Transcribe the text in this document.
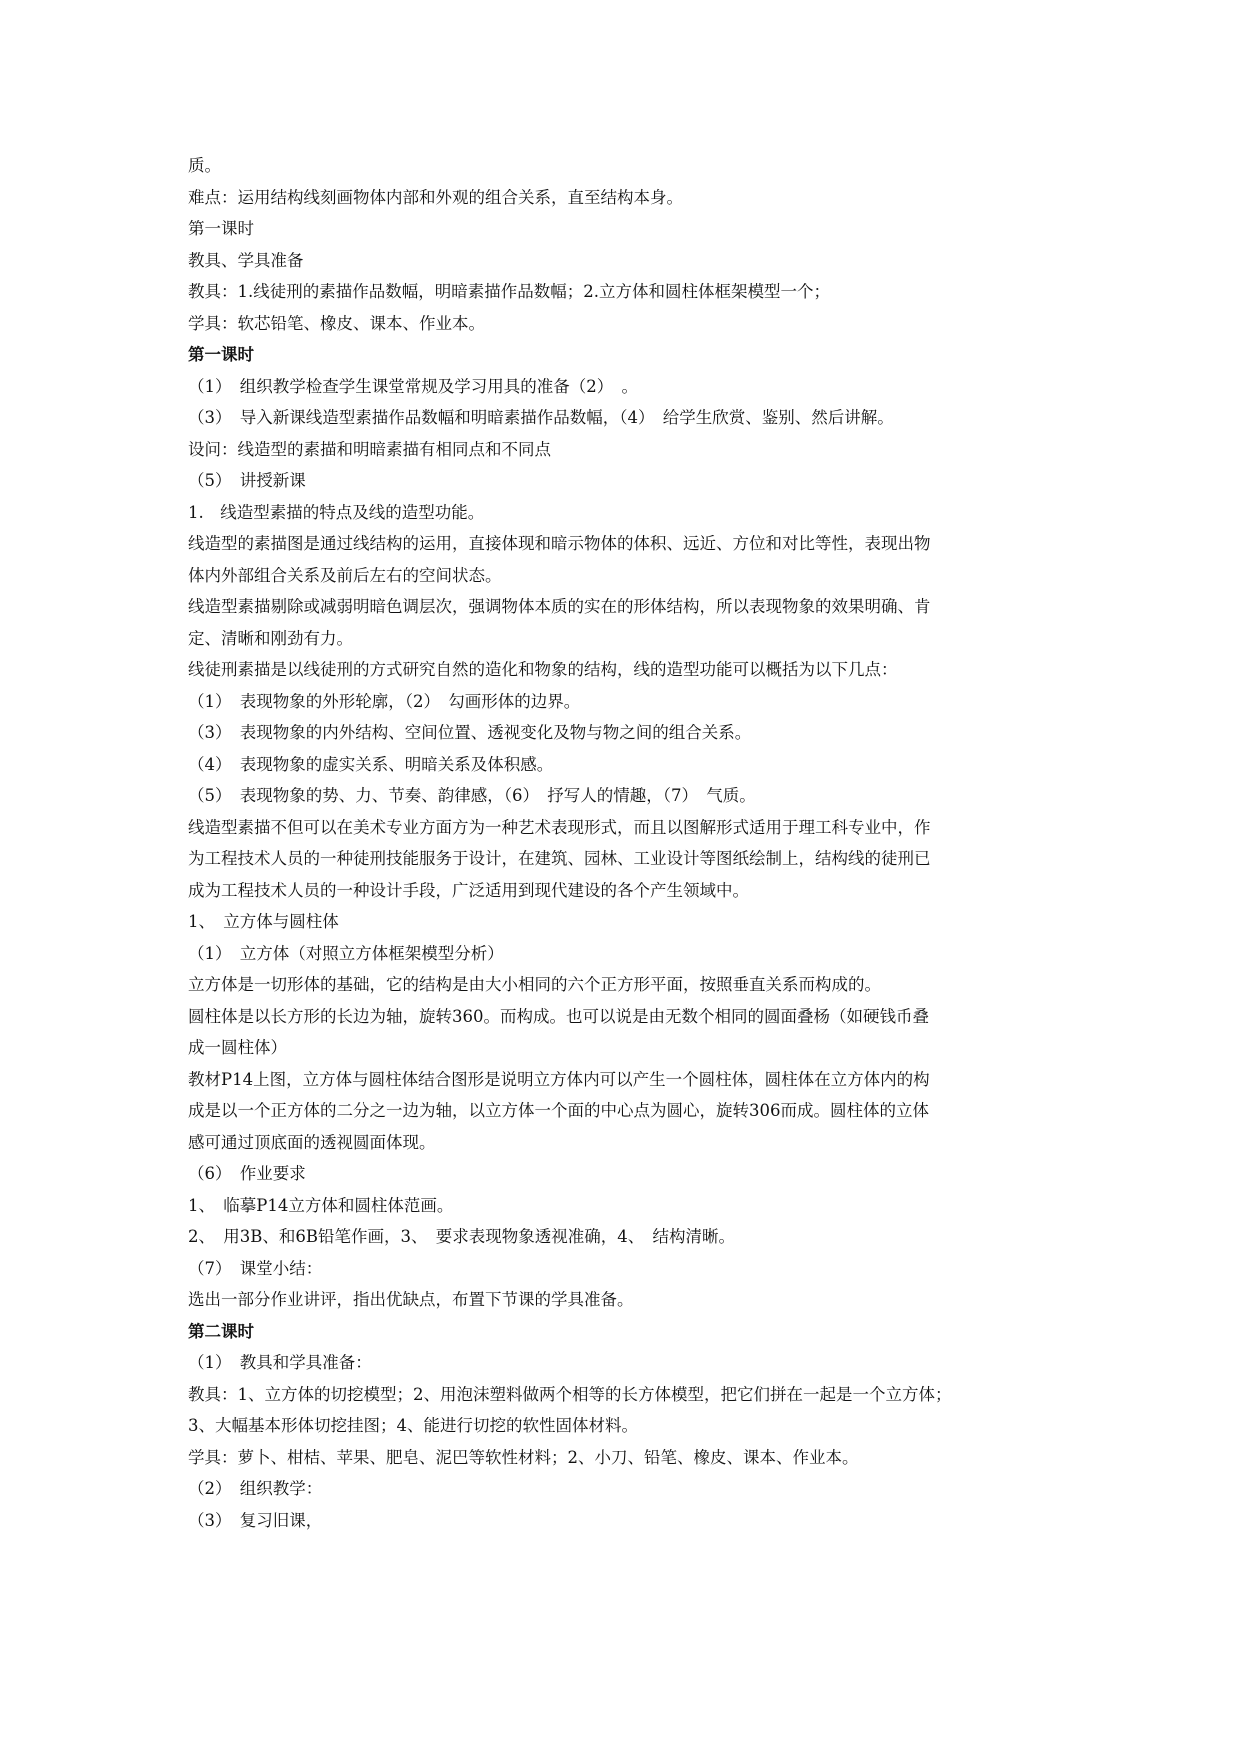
质。
难点：运用结构线刻画物体内部和外观的组合关系，直至结构本身。
第一课时
教具、学具准备
教具：1.线徒刑的素描作品数幅，明暗素描作品数幅；2.立方体和圆柱体框架模型一个；
学具：软芯铅笔、橡皮、课本、作业本。
第一课时
（1）　组织教学检查学生课堂常规及学习用具的准备（2）　。
（3）　导入新课线造型素描作品数幅和明暗素描作品数幅，（4）　给学生欣赏、鉴别、然后讲解。
设问：线造型的素描和明暗素描有相同点和不同点
（5）　讲授新课
1.　线造型素描的特点及线的造型功能。
线造型的素描图是通过线结构的运用，直接体现和暗示物体的体积、远近、方位和对比等性，表现出物
体内外部组合关系及前后左右的空间状态。
线造型素描剔除或减弱明暗色调层次，强调物体本质的实在的形体结构，所以表现物象的效果明确、肯
定、清晰和刚劲有力。
线徒刑素描是以线徒刑的方式研究自然的造化和物象的结构，线的造型功能可以概括为以下几点：
（1）　表现物象的外形轮廓，（2）　勾画形体的边界。
（3）　表现物象的内外结构、空间位置、透视变化及物与物之间的组合关系。
（4）　表现物象的虚实关系、明暗关系及体积感。
（5）　表现物象的势、力、节奏、韵律感，（6）　抒写人的情趣，（7）　气质。
线造型素描不但可以在美术专业方面方为一种艺术表现形式，而且以图解形式适用于理工科专业中，作
为工程技术人员的一种徒刑技能服务于设计，在建筑、园林、工业设计等图纸绘制上，结构线的徒刑已
成为工程技术人员的一种设计手段，广泛适用到现代建设的各个产生领域中。
1、　立方体与圆柱体
（1）　立方体（对照立方体框架模型分析）
立方体是一切形体的基础，它的结构是由大小相同的六个正方形平面，按照垂直关系而构成的。
圆柱体是以长方形的长边为轴，旋转360。而构成。也可以说是由无数个相同的圆面叠杨（如硬钱币叠
成一圆柱体）
教材P14上图，立方体与圆柱体结合图形是说明立方体内可以产生一个圆柱体，圆柱体在立方体内的构
成是以一个正方体的二分之一边为轴，以立方体一个面的中心点为圆心，旋转306而成。圆柱体的立体
感可通过顶底面的透视圆面体现。
（6）　作业要求
1、　临摹P14立方体和圆柱体范画。
2、　用3B、和6B铅笔作画，3、　要求表现物象透视准确，4、　结构清晰。
（7）　课堂小结：
选出一部分作业讲评，指出优缺点，布置下节课的学具准备。
第二课时
（1）　教具和学具准备：
教具：1、立方体的切挖模型；2、用泡沫塑料做两个相等的长方体模型，把它们拼在一起是一个立方体；
3、大幅基本形体切挖挂图；4、能进行切挖的软性固体材料。
学具：萝卜、柑桔、苹果、肥皂、泥巴等软性材料；2、小刀、铅笔、橡皮、课本、作业本。
（2）　组织教学：
（3）　复习旧课，
